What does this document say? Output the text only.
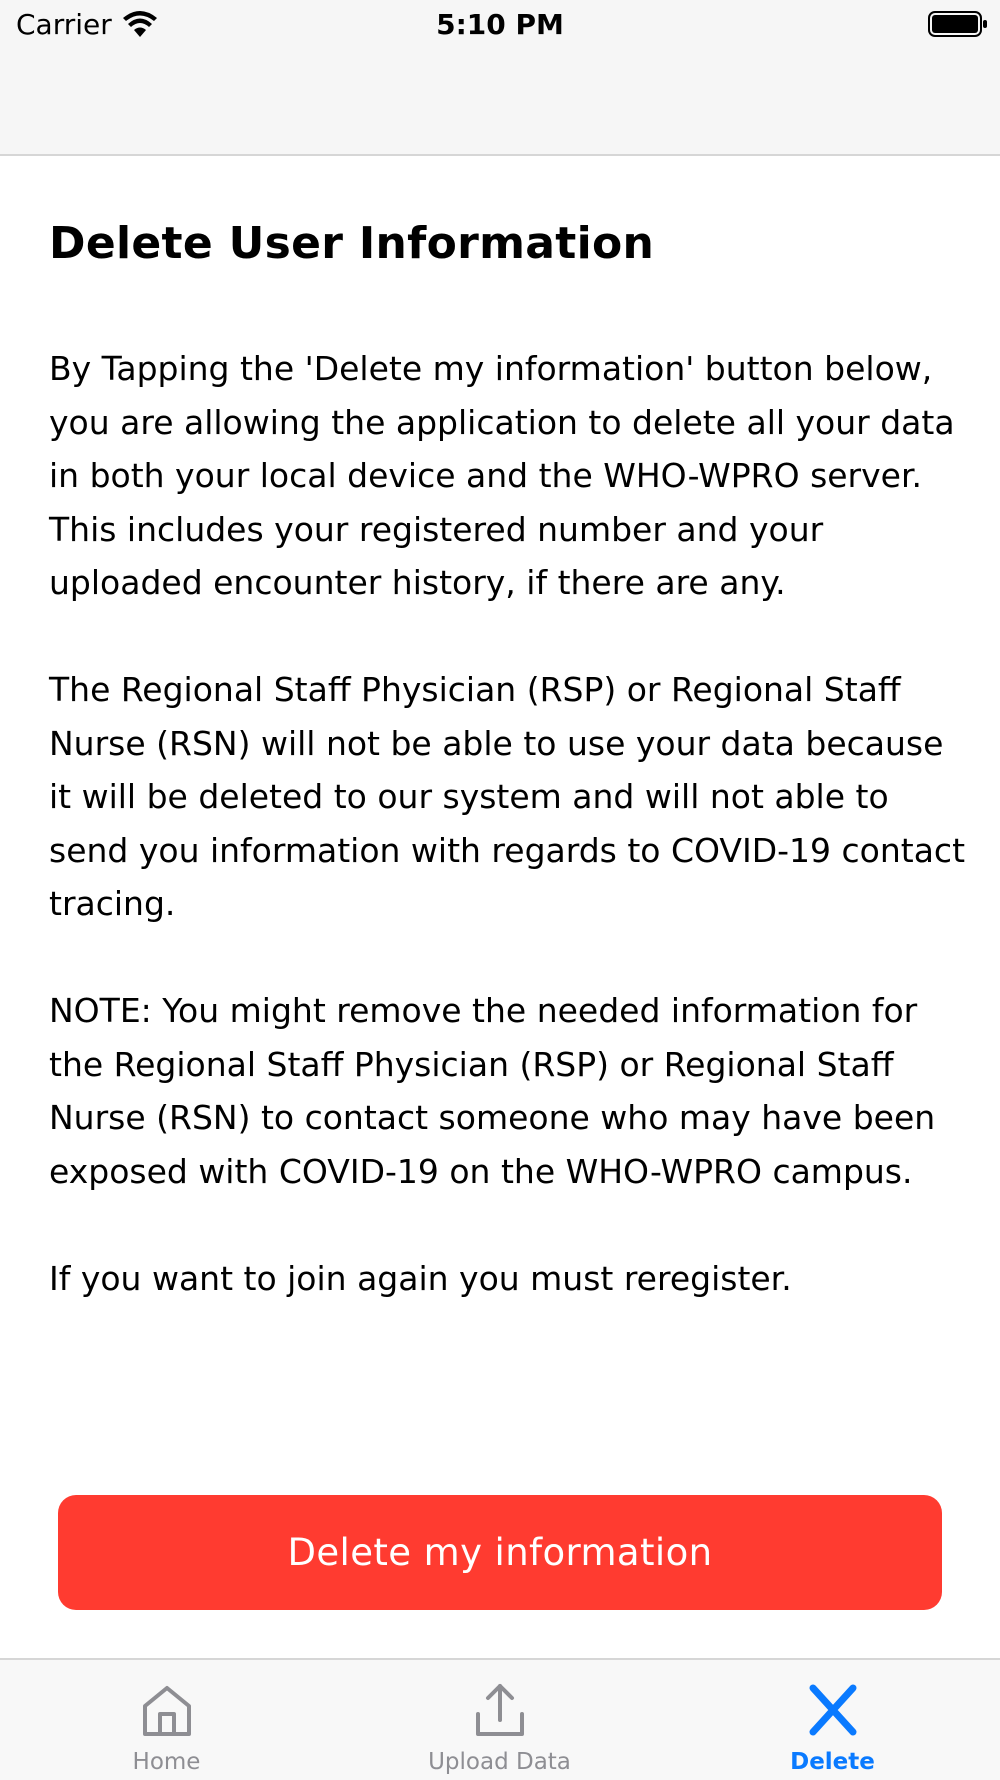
Carrier	5:10 PM
Delete User Information
By Tapping the 'Delete my information' button below, you are allowing the application to delete all your data in both your local device and the WHO-WPRO server. This includes your registered number and your uploaded encounter history, if there are any.

The Regional Staff Physician (RSP) or Regional Staff Nurse (RSN) will not be able to use your data because it will be deleted to our system and will not able to send you information with regards to COVID-19 contact tracing.

NOTE: You might remove the needed information for the Regional Staff Physician (RSP) or Regional Staff Nurse (RSN) to contact someone who may have been exposed with COVID-19 on the WHO-WPRO campus.

If you want to join again you must reregister.
Delete my information
Home	Upload Data	Delete
